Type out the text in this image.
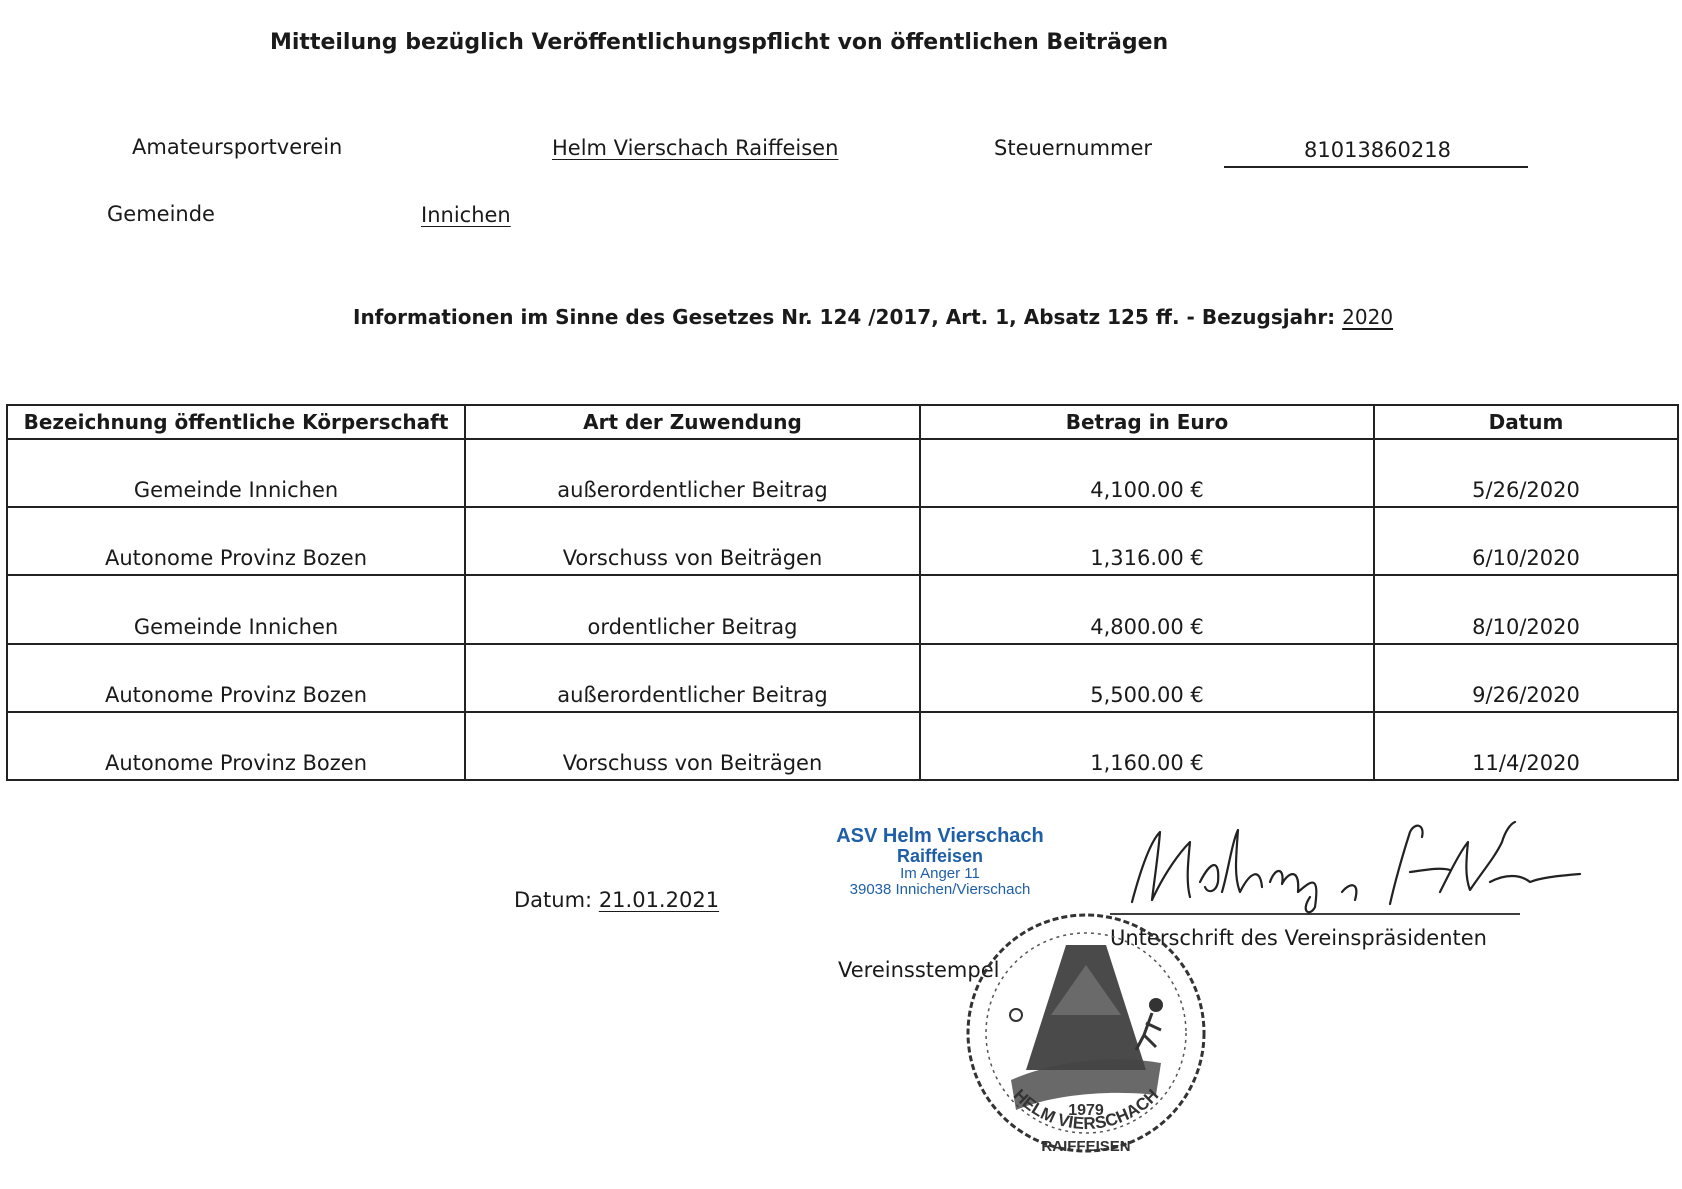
Mitteilung bezüglich Veröffentlichungspflicht von öffentlichen Beiträgen
Amateursportverein	Helm Vierschach Raiffeisen	Steuernummer	81013860218
Gemeinde	Innichen
Informationen im Sinne des Gesetzes Nr. 124 /2017, Art. 1, Absatz 125 ff. - Bezugsjahr: 2020
Bezeichnung öffentliche Körperschaft	Art der Zuwendung	Betrag in Euro	Datum
Gemeinde Innichen	außerordentlicher Beitrag	4,100.00 €	5/26/2020
Autonome Provinz Bozen	Vorschuss von Beiträgen	1,316.00 €	6/10/2020
Gemeinde Innichen	ordentlicher Beitrag	4,800.00 €	8/10/2020
Autonome Provinz Bozen	außerordentlicher Beitrag	5,500.00 €	9/26/2020
Autonome Provinz Bozen	Vorschuss von Beiträgen	1,160.00 €	11/4/2020
Datum: 21.01.2021
ASV Helm Vierschach
Raiffeisen
Im Anger 11
39038 Innichen/Vierschach
Unterschrift des Vereinspräsidenten
Vereinsstempel
1979
HELM VIERSCHACH
RAIFFEISEN
